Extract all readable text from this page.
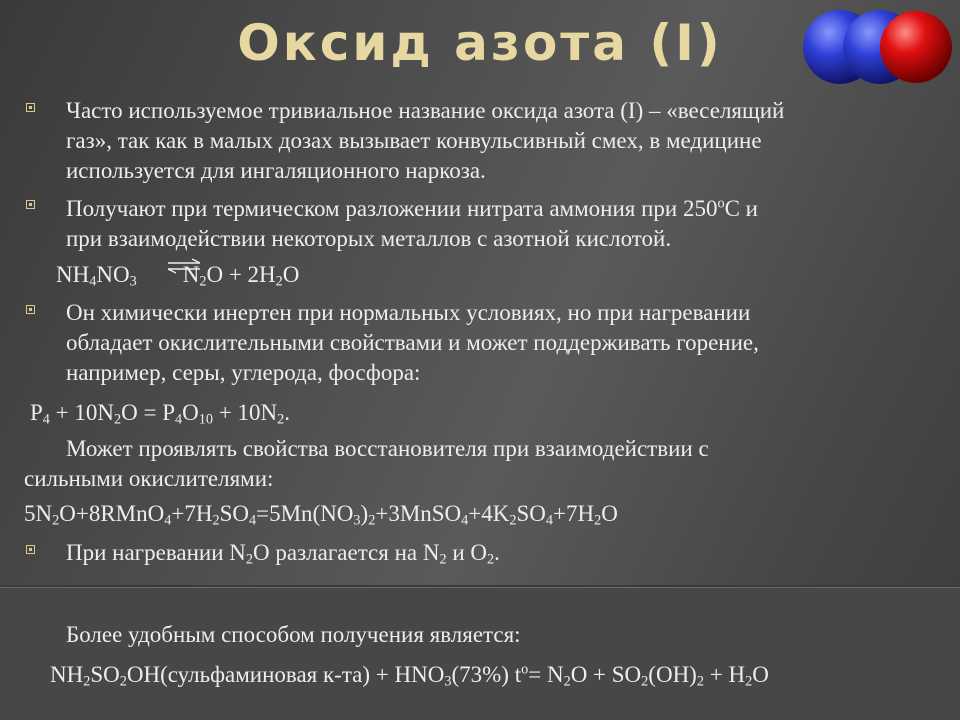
Оксид азота (I)
Часто используемое тривиальное название оксида азота (I) – «веселящий
газ», так как в малых дозах вызывает конвульсивный смех, в медицине
используется для ингаляционного наркоза.
Получают при термическом разложении нитрата аммония при $250^оС$ и
при взаимодействии некоторых металлов с азотной кислотой.
$NH_4NO_3$ $N_2O + 2H_2O$
Он химически инертен при нормальных условиях, но при нагревании
обладает окислительными свойствами и может поддерживать горение,
например, серы, углерода, фосфора:
$P_4 + 10N_2O = P_4O_{10} + 10N_2$.
Может проявлять свойства восстановителя при взаимодействии с
сильными окислителями:
$5N_2O+8RMnO_4+7H_2SO_4=5Mn(NO_3)_2+3MnSO_4+4K_2SO_4+7H_2O$
При нагревании $N_2O$ разлагается на $N_2$ и $O_2$.
Более удобным способом получения является:
$NH_2SO_2OH(сульфаминовая$ $к-та) + HNO_3(73\%)$ $t^o= N_2O + SO_2(OH)_2 + H_2O$
